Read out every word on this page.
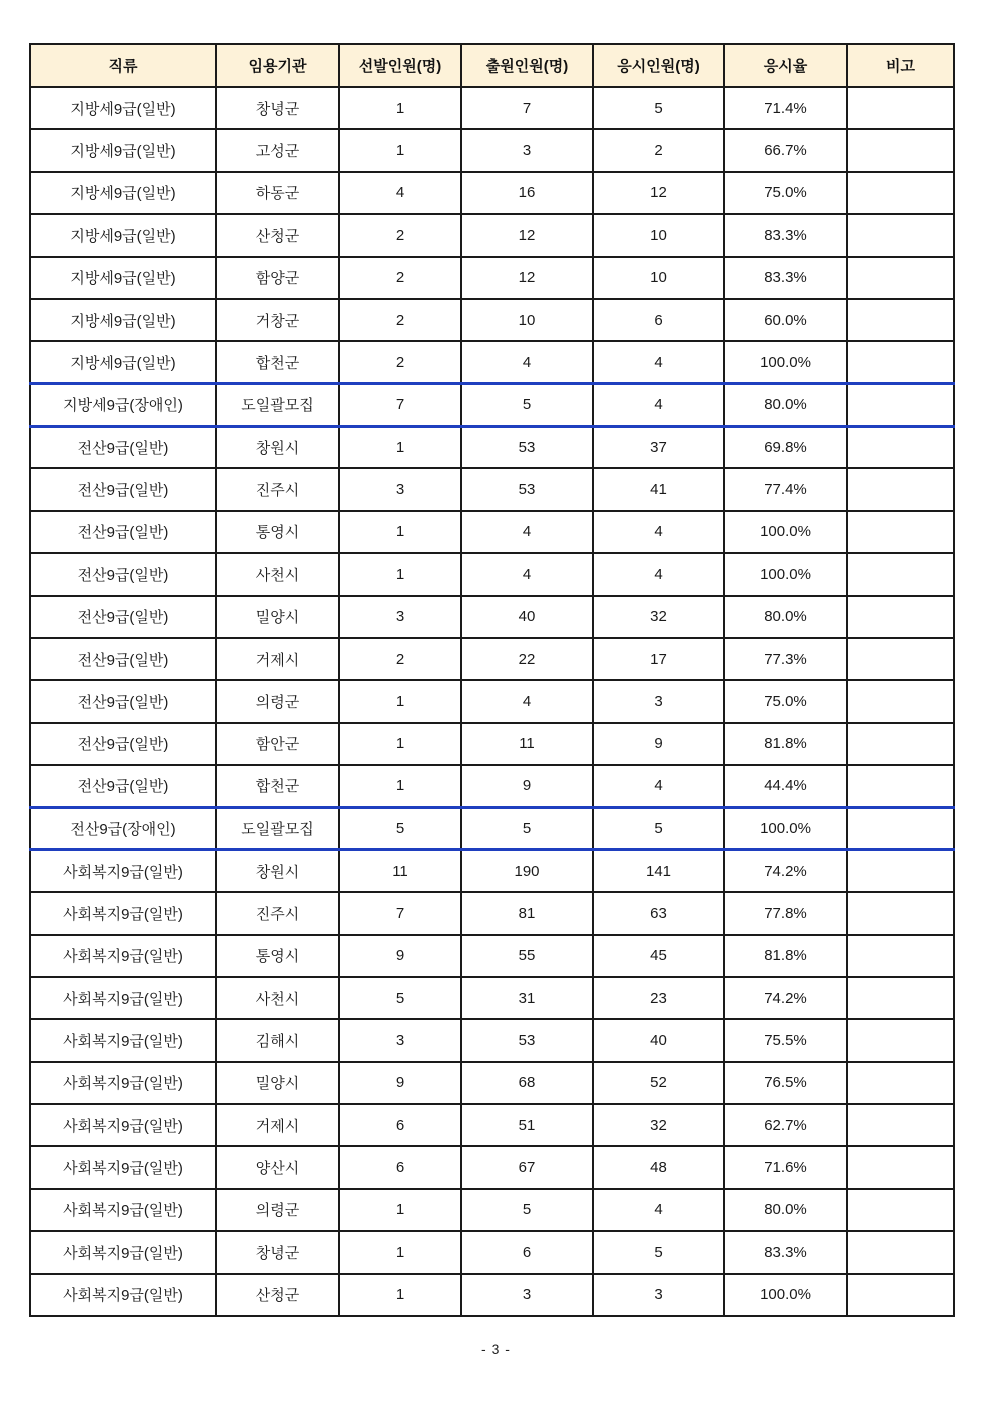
직류	임용기관	선발인원(명)	출원인원(명)	응시인원(명)	응시율	비고
지방세9급(일반)	창녕군	1	7	5	71.4%	
지방세9급(일반)	고성군	1	3	2	66.7%	
지방세9급(일반)	하동군	4	16	12	75.0%	
지방세9급(일반)	산청군	2	12	10	83.3%	
지방세9급(일반)	함양군	2	12	10	83.3%	
지방세9급(일반)	거창군	2	10	6	60.0%	
지방세9급(일반)	합천군	2	4	4	100.0%	
지방세9급(장애인)	도일괄모집	7	5	4	80.0%	
전산9급(일반)	창원시	1	53	37	69.8%	
전산9급(일반)	진주시	3	53	41	77.4%	
전산9급(일반)	통영시	1	4	4	100.0%	
전산9급(일반)	사천시	1	4	4	100.0%	
전산9급(일반)	밀양시	3	40	32	80.0%	
전산9급(일반)	거제시	2	22	17	77.3%	
전산9급(일반)	의령군	1	4	3	75.0%	
전산9급(일반)	함안군	1	11	9	81.8%	
전산9급(일반)	합천군	1	9	4	44.4%	
전산9급(장애인)	도일괄모집	5	5	5	100.0%	
사회복지9급(일반)	창원시	11	190	141	74.2%	
사회복지9급(일반)	진주시	7	81	63	77.8%	
사회복지9급(일반)	통영시	9	55	45	81.8%	
사회복지9급(일반)	사천시	5	31	23	74.2%	
사회복지9급(일반)	김해시	3	53	40	75.5%	
사회복지9급(일반)	밀양시	9	68	52	76.5%	
사회복지9급(일반)	거제시	6	51	32	62.7%	
사회복지9급(일반)	양산시	6	67	48	71.6%	
사회복지9급(일반)	의령군	1	5	4	80.0%	
사회복지9급(일반)	창녕군	1	6	5	83.3%	
사회복지9급(일반)	산청군	1	3	3	100.0%	
- 3 -
